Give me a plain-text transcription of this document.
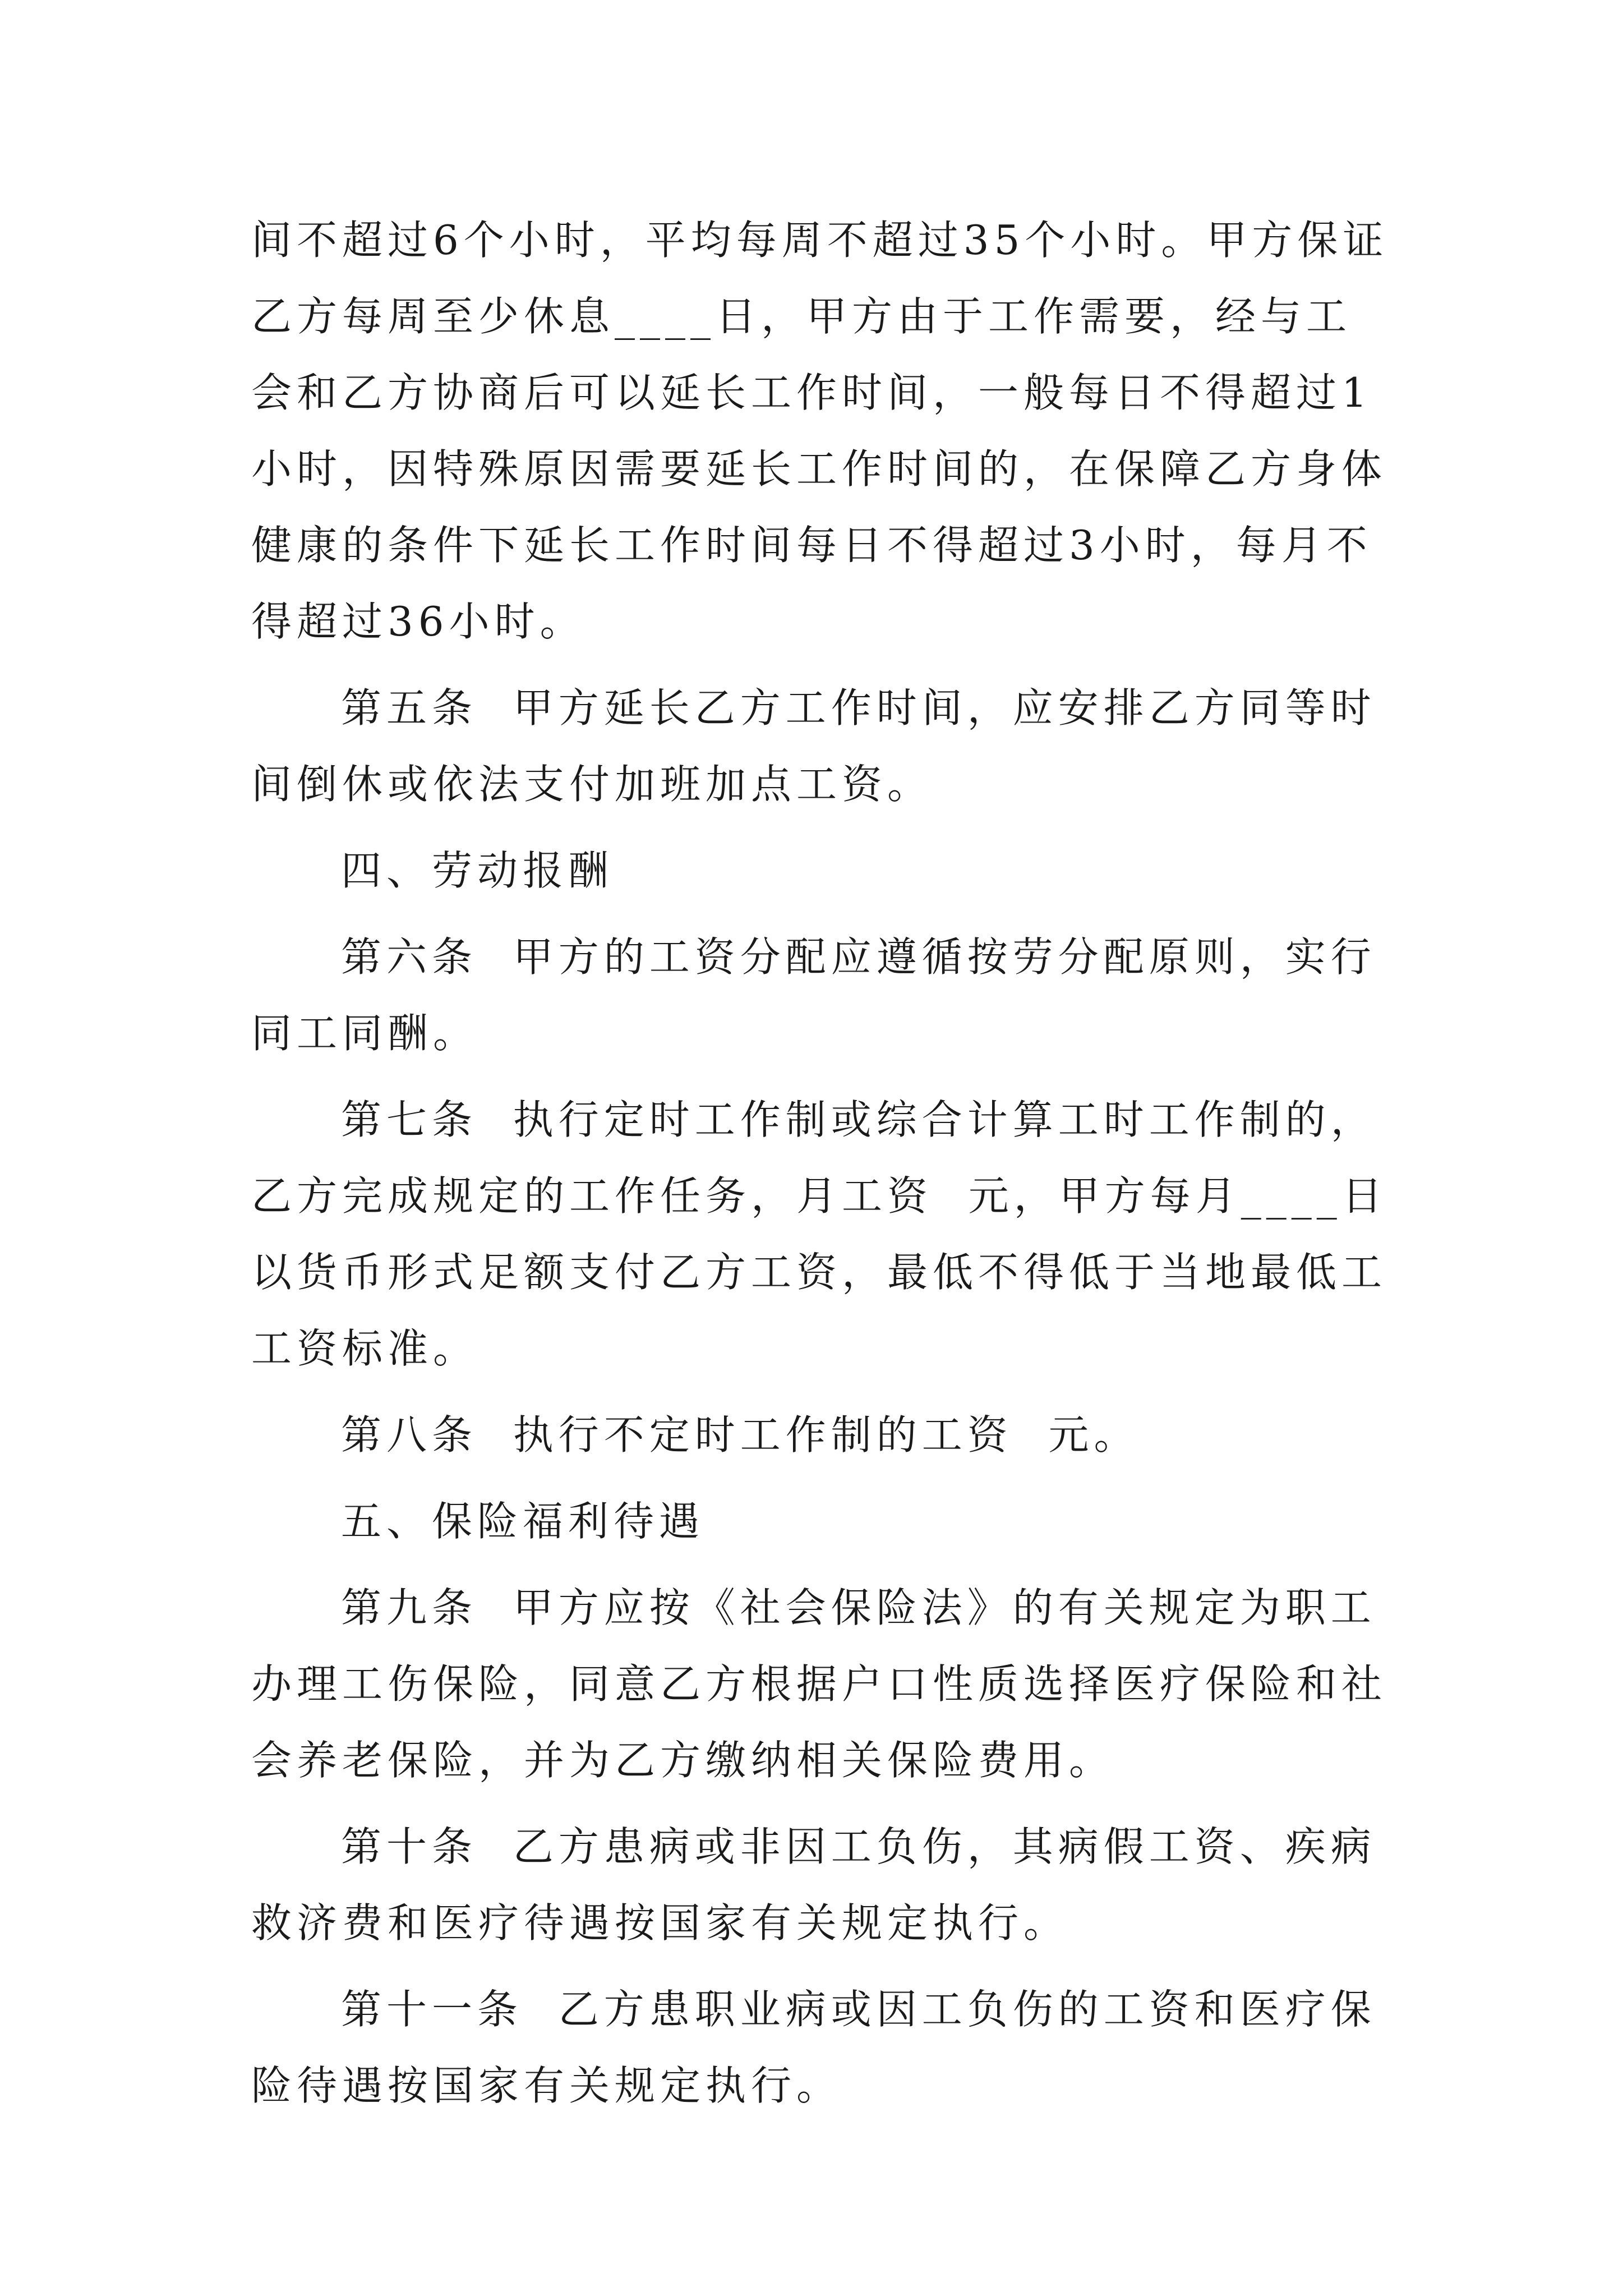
间不超过6个小时，平均每周不超过35个小时。甲方保证乙方每周至少休息____日，甲方由于工作需要，经与工会和乙方协商后可以延长工作时间，一般每日不得超过1小时，因特殊原因需要延长工作时间的，在保障乙方身体健康的条件下延长工作时间每日不得超过3小时，每月不得超过36小时。

第五条  甲方延长乙方工作时间，应安排乙方同等时间倒休或依法支付加班加点工资。

四、劳动报酬

第六条  甲方的工资分配应遵循按劳分配原则，实行同工同酬。

第七条  执行定时工作制或综合计算工时工作制的，乙方完成规定的工作任务，月工资  元，甲方每月____日以货币形式足额支付乙方工资，最低不得低于当地最低工工资标准。

第八条  执行不定时工作制的工资  元。

五、保险福利待遇

第九条  甲方应按《社会保险法》的有关规定为职工办理工伤保险，同意乙方根据户口性质选择医疗保险和社会养老保险，并为乙方缴纳相关保险费用。

第十条  乙方患病或非因工负伤，其病假工资、疾病救济费和医疗待遇按国家有关规定执行。

第十一条  乙方患职业病或因工负伤的工资和医疗保险待遇按国家有关规定执行。
